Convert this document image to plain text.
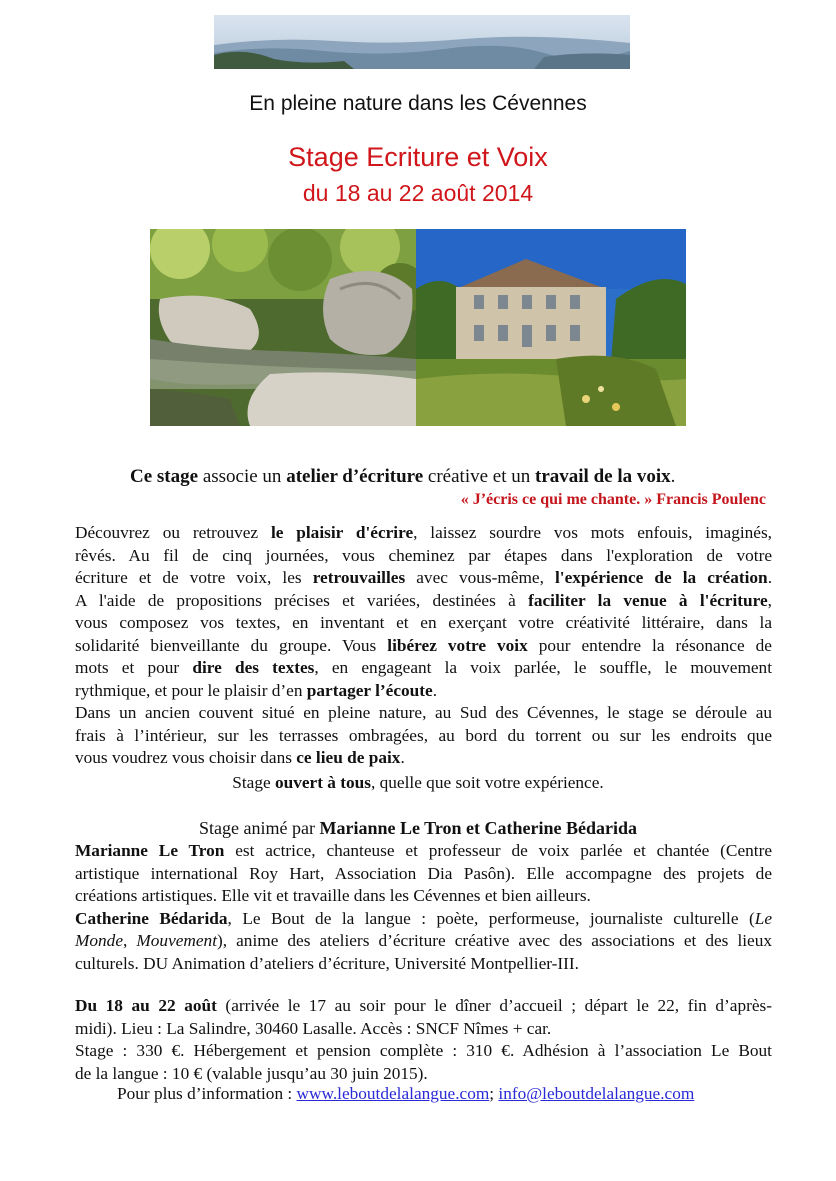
En pleine nature dans les Cévennes
Stage Ecriture et Voix
du 18 au 22 août 2014
Ce stage associe un atelier d’écriture créative et un travail de la voix.
« J’écris ce qui me chante. » Francis Poulenc
Découvrez ou retrouvez le plaisir d'écrire, laissez sourdre vos mots enfouis, imaginés,
rêvés. Au fil de cinq journées, vous cheminez par étapes dans l'exploration de votre
écriture et de votre voix, les retrouvailles avec vous-même, l'expérience de la création.
A l'aide de propositions précises et variées, destinées à faciliter la venue à l'écriture,
vous composez vos textes, en inventant et en exerçant votre créativité littéraire, dans la
solidarité bienveillante du groupe. Vous libérez votre voix pour entendre la résonance de
mots et pour dire des textes, en engageant la voix parlée, le souffle, le mouvement
rythmique, et pour le plaisir d’en partager l’écoute.
Dans un ancien couvent situé en pleine nature, au Sud des Cévennes, le stage se déroule au
frais à l’intérieur, sur les terrasses ombragées, au bord du torrent ou sur les endroits que
vous voudrez vous choisir dans ce lieu de paix.
Stage ouvert à tous, quelle que soit votre expérience.
Stage animé par Marianne Le Tron et Catherine Bédarida
Marianne Le Tron est actrice, chanteuse et professeur de voix parlée et chantée (Centre
artistique international Roy Hart, Association Dia Pasôn). Elle accompagne des projets de
créations artistiques. Elle vit et travaille dans les Cévennes et bien ailleurs.
Catherine Bédarida, Le Bout de la langue : poète, performeuse, journaliste culturelle (Le
Monde, Mouvement), anime des ateliers d’écriture créative avec des associations et des lieux
culturels. DU Animation d’ateliers d’écriture, Université Montpellier-III.
Du 18 au 22 août (arrivée le 17 au soir pour le dîner d’accueil ; départ le 22, fin d’après-
midi). Lieu : La Salindre, 30460 Lasalle. Accès : SNCF Nîmes + car.
Stage : 330 €. Hébergement et pension complète : 310 €. Adhésion à l’association Le Bout
de la langue : 10 € (valable jusqu’au 30 juin 2015).
Pour plus d’information : www.leboutdelalangue.com; info@leboutdelalangue.com
